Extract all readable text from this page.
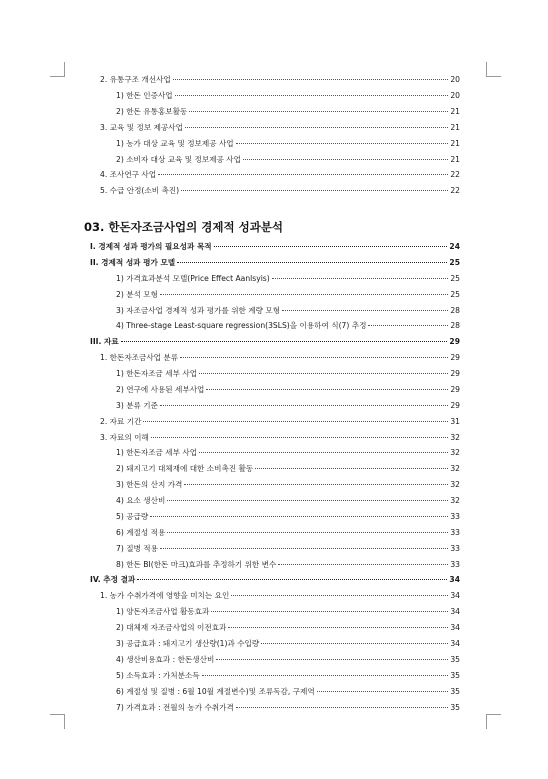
2. 유통구조 개선사업	20
1) 한돈 인증사업	20
2) 한돈 유통홍보활동	21
3. 교육 및 정보 제공사업	21
1) 농가 대상 교육 및 정보제공 사업	21
2) 소비자 대상 교육 및 정보제공 사업	21
4. 조사연구 사업	22
5. 수급 안정(소비 촉진)	22
03. 한돈자조금사업의 경제적 성과분석
I. 경제적 성과 평가의 필요성과 목적	24
II. 경제적 성과 평가 모델	25
1) 가격효과분석 모델(Price Effect Aanlsyis)	25
2) 분석 모형	25
3) 자조금사업 경제적 성과 평가를 위한 계량 모형	28
4) Three-stage Least-square regression(3SLS)을 이용하여 식(7) 추정	28
III. 자료	29
1. 한돈자조금사업 분류	29
1) 한돈자조금 세부 사업	29
2) 연구에 사용된 세부사업	29
3) 분류 기준	29
2. 자료 기간	31
3. 자료의 이해	32
1) 한돈자조금 세부 사업	32
2) 돼지고기 대체재에 대한 소비촉진 활동	32
3) 한돈의 산지 가격	32
4) 요소 생산비	32
5) 공급량	33
6) 계절성 적용	33
7) 질병 적용	33
8) 한돈 BI(한돈 마크)효과를 추정하기 위한 변수	33
IV. 추정 결과	34
1. 농가 수취가격에 영향을 미치는 요인	34
1) 양돈자조금사업 활동효과	34
2) 대체재 자조금사업의 이전효과	34
3) 공급효과 : 돼지고기 생산량(1)과 수입량	34
4) 생산비용효과 : 한돈생산비	35
5) 소득효과 : 가처분소득	35
6) 계절성 및 질병 : 6월 10월 계절변수)및 조류독감, 구제역	35
7) 가격효과 : 전월의 농가 수취가격	35
